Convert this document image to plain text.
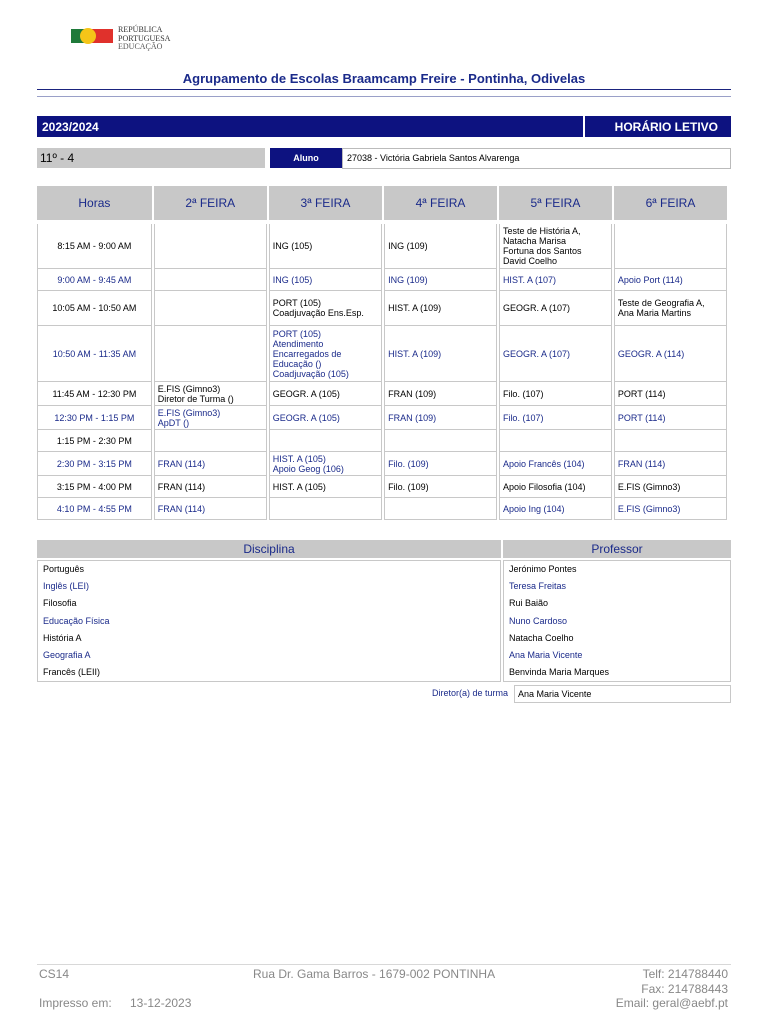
REPÚBLICA
PORTUGUESA
EDUCAÇÃO
Agrupamento de Escolas Braamcamp Freire - Pontinha, Odivelas
2023/2024	HORÁRIO LETIVO
11º - 4	Aluno	27038 - Victória Gabriela Santos Alvarenga
Horas	2ª FEIRA	3ª FEIRA	4ª FEIRA	5ª FEIRA	6ª FEIRA

8:15 AM - 9:00 AM		ING (105)	ING (109)	Teste de História A,
Natacha Marisa
Fortuna dos Santos
David Coelho	
9:00 AM - 9:45 AM		ING (105)	ING (109)	HIST. A (107)	Apoio Port (114)
10:05 AM - 10:50 AM		PORT (105)
Coadjuvação Ens.Esp.	HIST. A (109)	GEOGR. A (107)	Teste de Geografia A,
Ana Maria Martins
10:50 AM - 11:35 AM		PORT (105)
Atendimento
Encarregados de
Educação ()
Coadjuvação (105)	HIST. A (109)	GEOGR. A (107)	GEOGR. A (114)
11:45 AM - 12:30 PM	E.FIS (Gimno3)
Diretor de Turma ()	GEOGR. A (105)	FRAN (109)	Filo. (107)	PORT (114)
12:30 PM - 1:15 PM	E.FIS (Gimno3)
ApDT ()	GEOGR. A (105)	FRAN (109)	Filo. (107)	PORT (114)
1:15 PM - 2:30 PM					
2:30 PM - 3:15 PM	FRAN (114)	HIST. A (105)
Apoio Geog (106)	Filo. (109)	Apoio Francês (104)	FRAN (114)
3:15 PM - 4:00 PM	FRAN (114)	HIST. A (105)	Filo. (109)	Apoio Filosofia (104)	E.FIS (Gimno3)
4:10 PM - 4:55 PM	FRAN (114)			Apoio Ing (104)	E.FIS (Gimno3)
Disciplina	Professor
Português	Jerónimo Pontes
Inglês (LEI)	Teresa Freitas
Filosofia	Rui Baião
Educação Física	Nuno Cardoso
História A	Natacha Coelho
Geografia A	Ana Maria Vicente
Francês (LEII)	Benvinda Maria Marques
Diretor(a) de turma	Ana Maria Vicente
CS14	Rua Dr. Gama Barros - 1679-002 PONTINHA	Telf: 214788440
Fax: 214788443
Impresso em: 13-12-2023	Email: geral@aebf.pt
